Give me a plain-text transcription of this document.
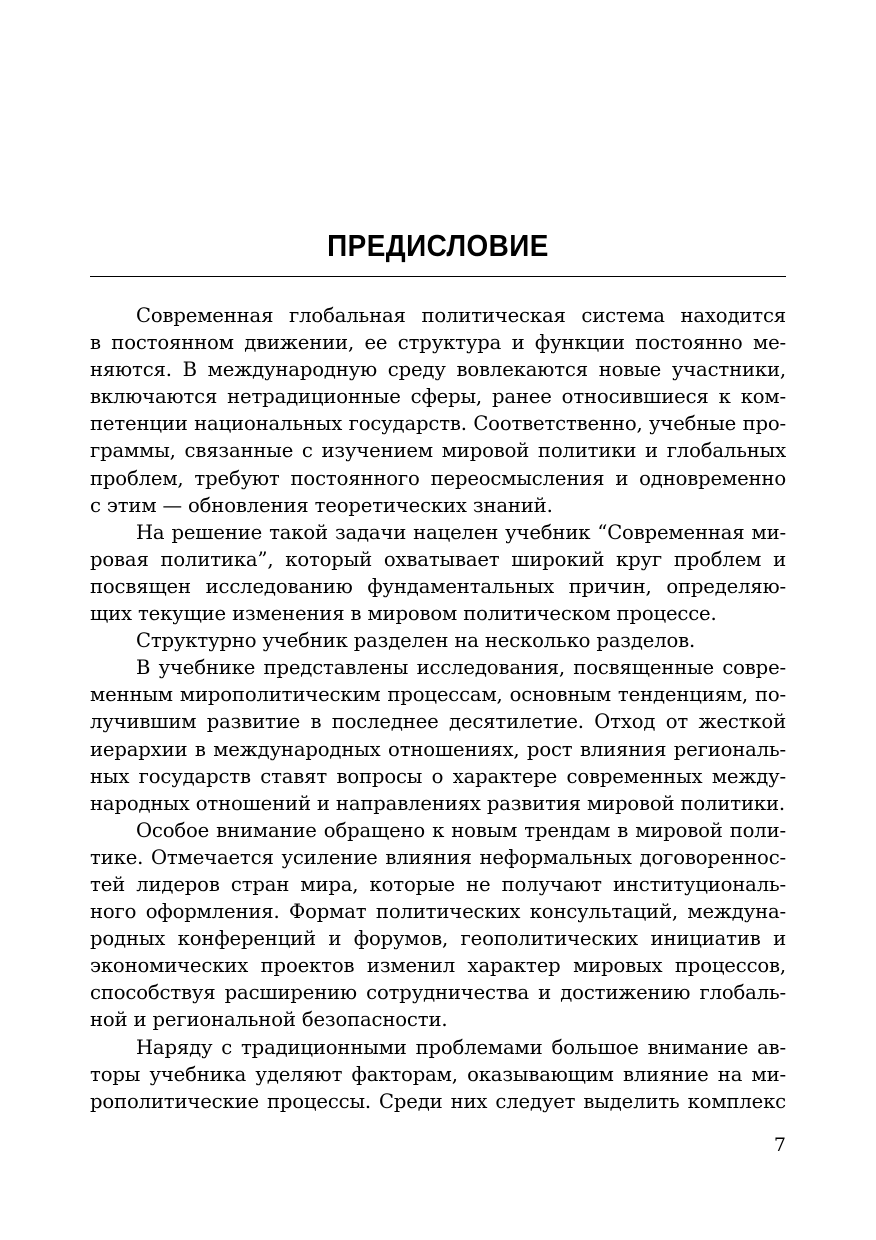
ПРЕДИСЛОВИЕ
Современная глобальная политическая система находится
в постоянном движении, ее структура и функции постоянно ме-
няются. В международную среду вовлекаются новые участники,
включаются нетрадиционные сферы, ранее относившиеся к ком-
петенции национальных государств. Соответственно, учебные про-
граммы, связанные с изучением мировой политики и глобальных
проблем, требуют постоянного переосмысления и одновременно
с этим — обновления теоретических знаний.
На решение такой задачи нацелен учебник “Современная ми-
ровая политика”, который охватывает широкий круг проблем и
посвящен исследованию фундаментальных причин, определяю-
щих текущие изменения в мировом политическом процессе.
Структурно учебник разделен на несколько разделов.
В учебнике представлены исследования, посвященные совре-
менным мирополитическим процессам, основным тенденциям, по-
лучившим развитие в последнее десятилетие. Отход от жесткой
иерархии в международных отношениях, рост влияния региональ-
ных государств ставят вопросы о характере современных между-
народных отношений и направлениях развития мировой политики.
Особое внимание обращено к новым трендам в мировой поли-
тике. Отмечается усиление влияния неформальных договореннос-
тей лидеров стран мира, которые не получают институциональ-
ного оформления. Формат политических консультаций, междуна-
родных конференций и форумов, геополитических инициатив и
экономических проектов изменил характер мировых процессов,
способствуя расширению сотрудничества и достижению глобаль-
ной и региональной безопасности.
Наряду с традиционными проблемами большое внимание ав-
торы учебника уделяют факторам, оказывающим влияние на ми-
рополитические процессы. Среди них следует выделить комплекс
7
